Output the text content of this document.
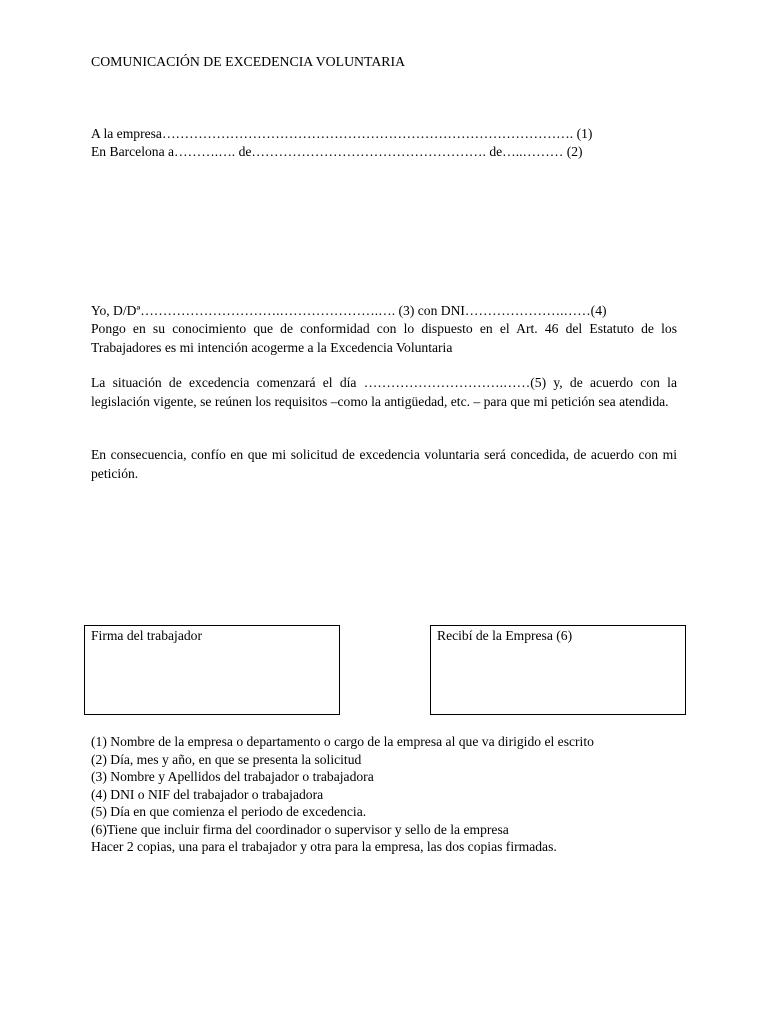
COMUNICACIÓN DE EXCEDENCIA VOLUNTARIA
A la empresa………………………………………………………………………………. (1)
En Barcelona a……….…. de……………………………………………. de…..……… (2)
Yo, D/Dª………………………….………………….…. (3) con DNI………………….……(4)
Pongo en su conocimiento que de conformidad con lo dispuesto en el Art. 46 del Estatuto de los Trabajadores es mi intención acogerme a la Excedencia Voluntaria
La situación de excedencia comenzará el día ………………………….……(5) y, de acuerdo con la legislación vigente, se reúnen los requisitos –como la antigüedad, etc. – para que mi petición sea atendida.
En consecuencia, confío en que mi solicitud de excedencia voluntaria será concedida, de acuerdo con mi petición.
Firma del trabajador	Recibí de la Empresa (6)
(1) Nombre de la empresa o departamento o cargo de la empresa al que va dirigido el escrito
(2) Día, mes y año, en que se presenta la solicitud
(3) Nombre y Apellidos del trabajador o trabajadora
(4) DNI o NIF del trabajador o trabajadora
(5) Día en que comienza el periodo de excedencia.
(6)Tiene que incluir firma del coordinador o supervisor y sello de la empresa
Hacer 2 copias, una para el trabajador y otra para la empresa, las dos copias firmadas.
